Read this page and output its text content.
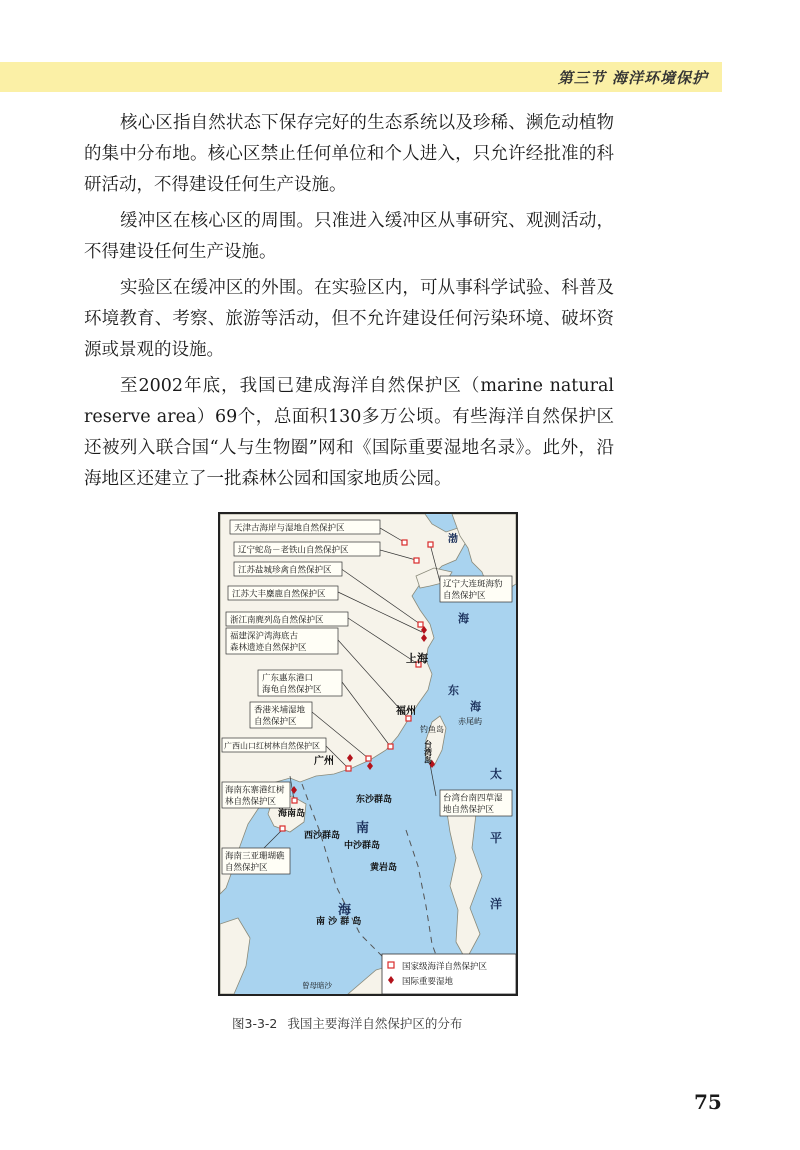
第三节 海洋环境保护

核心区指自然状态下保存完好的生态系统以及珍稀、濒危动植物的集中分布地。核心区禁止任何单位和个人进入，只允许经批准的科研活动，不得建设任何生产设施。

缓冲区在核心区的周围。只准进入缓冲区从事研究、观测活动，不得建设任何生产设施。

实验区在缓冲区的外围。在实验区内，可从事科学试验、科普及环境教育、考察、旅游等活动，但不允许建设任何污染环境、破坏资源或景观的设施。

至2002年底，我国已建成海洋自然保护区（marine natural reserve area）69个，总面积130多万公顷。有些海洋自然保护区还被列入联合国“人与生物圈”网和《国际重要湿地名录》。此外，沿海地区还建立了一批森林公园和国家地质公园。

天津古海岸与湿地自然保护区
辽宁蛇岛－老铁山自然保护区
江苏盐城珍禽自然保护区
江苏大丰麋鹿自然保护区
浙江南麂列岛自然保护区
福建深沪湾海底古
森林遗迹自然保护区
广东惠东港口
海龟自然保护区
香港米埔湿地
自然保护区
广西山口红树林自然保护区
海南东寨港红树
林自然保护区
海南三亚珊瑚礁
自然保护区
辽宁大连斑海豹
自然保护区
台湾台南四草湿
地自然保护区
渤
海
上海
福州
广州
海南岛
东
海
钓鱼岛
赤尾屿
台湾岛
太
平
洋
东沙群岛
西沙群岛
中沙群岛
黄岩岛
南
海
南 沙 群 岛
曾母暗沙
国家级海洋自然保护区
国际重要湿地
图3-3-2 我国主要海洋自然保护区的分布
75
